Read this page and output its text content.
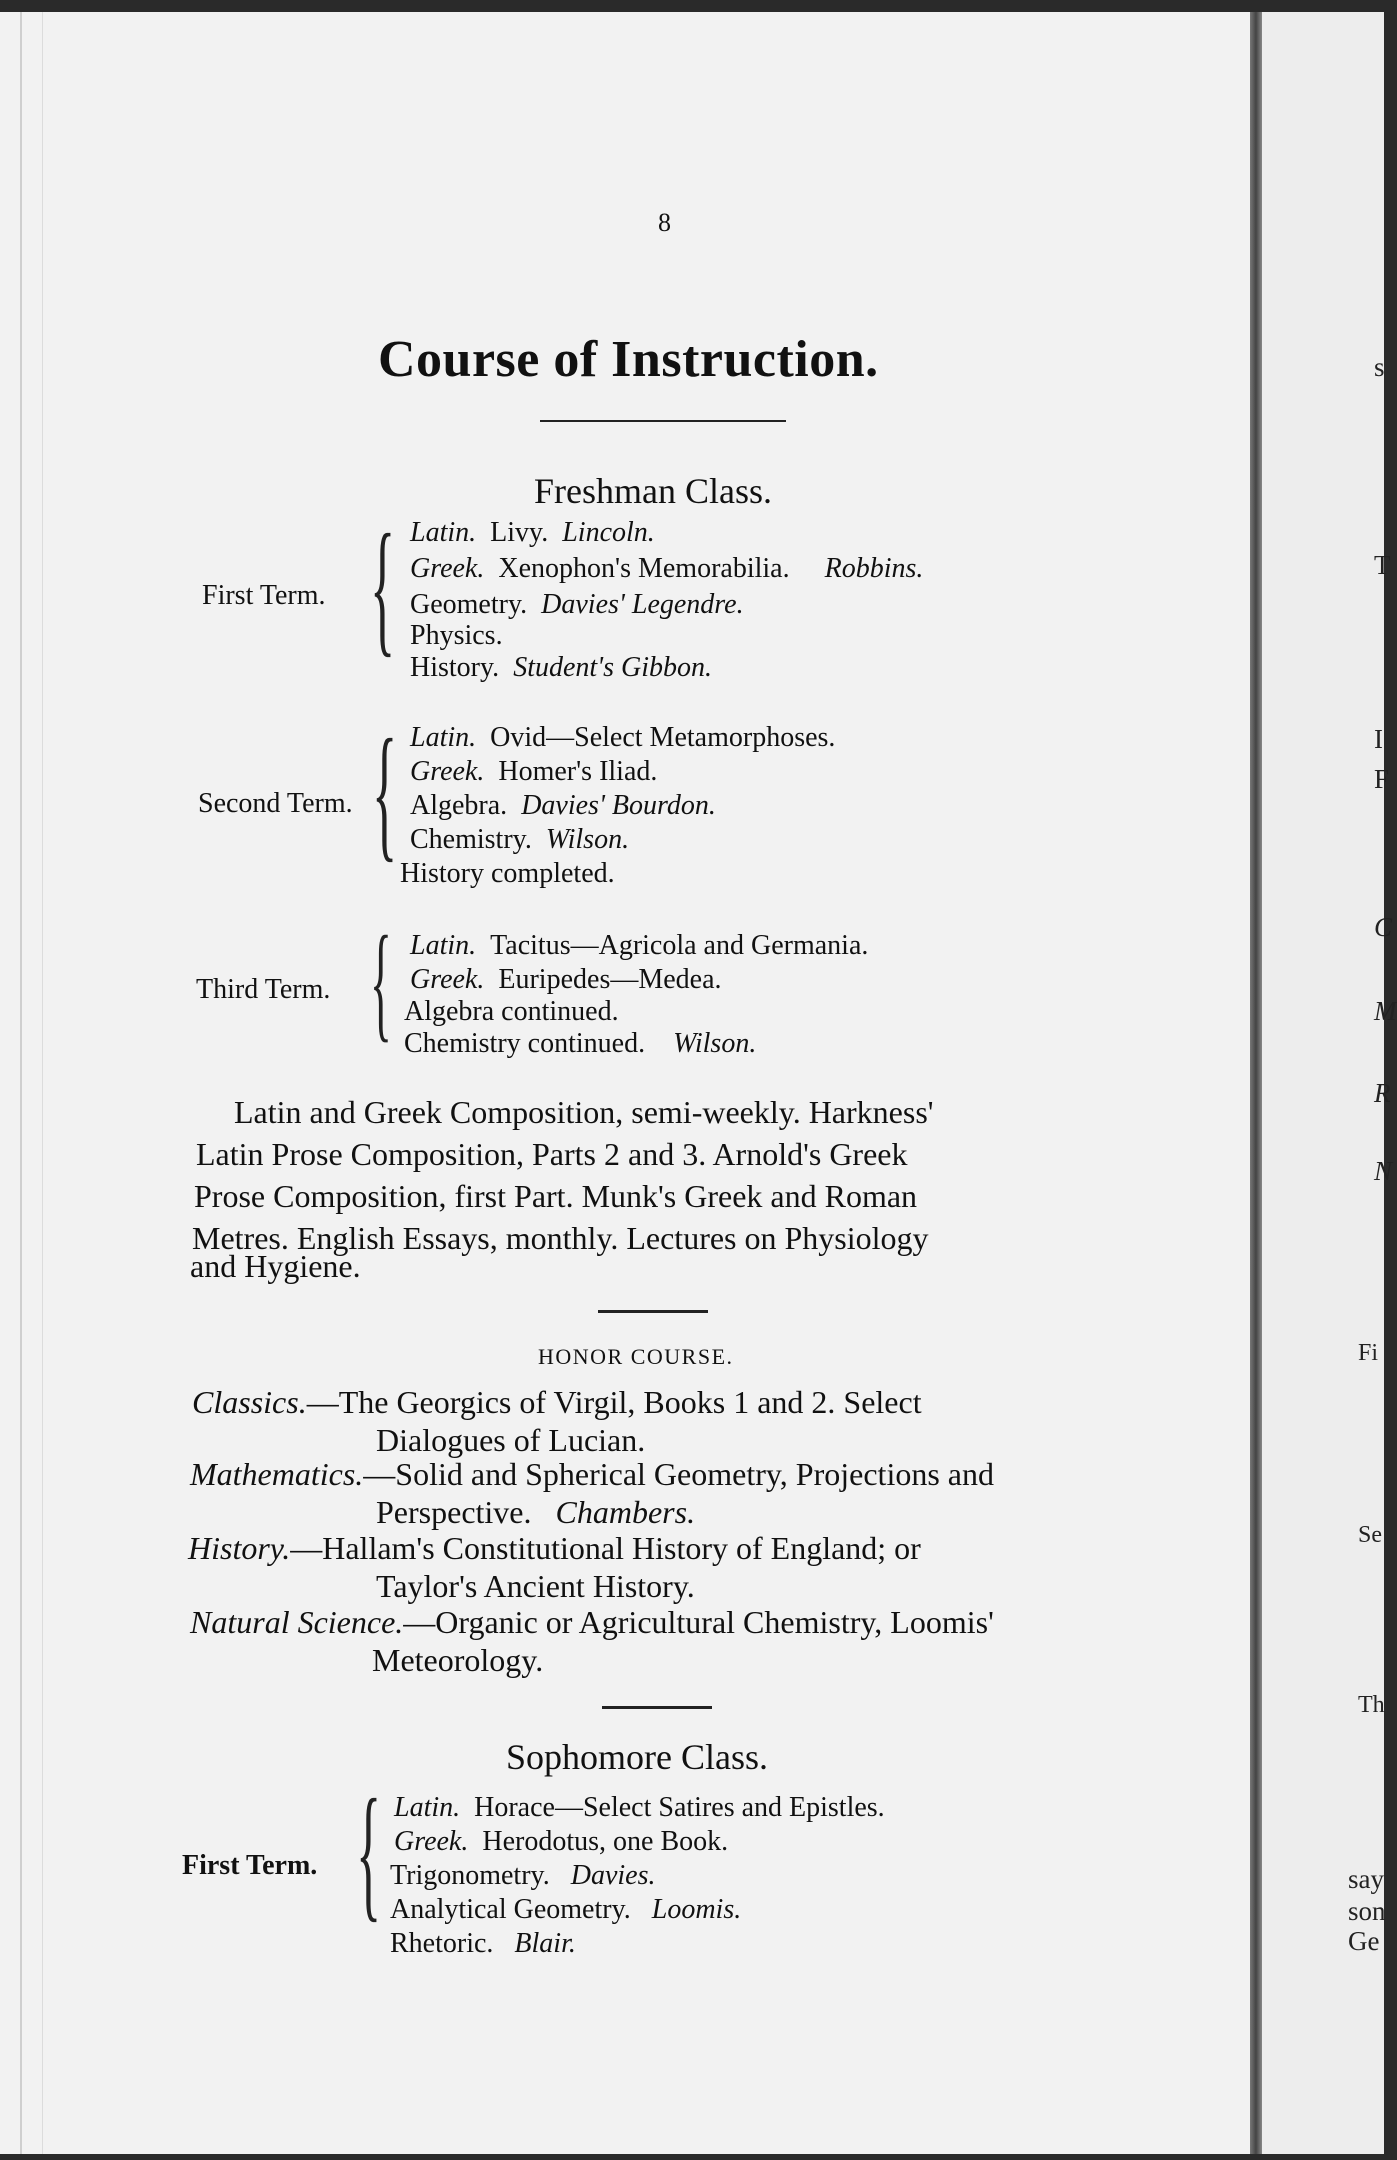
8
Course of Instruction.
Freshman Class.
First Term. { Latin. Livy. Lincoln.
Greek. Xenophon's Memorabilia. Robbins.
Geometry. Davies' Legendre.
Physics.
History. Student's Gibbon.
Second Term. { Latin. Ovid—Select Metamorphoses.
Greek. Homer's Iliad.
Algebra. Davies' Bourdon.
Chemistry. Wilson.
History completed.
Third Term. { Latin. Tacitus—Agricola and Germania.
Greek. Euripedes—Medea.
Algebra continued.
Chemistry continued. Wilson.
Latin and Greek Composition, semi-weekly. Harkness'
Latin Prose Composition, Parts 2 and 3. Arnold's Greek
Prose Composition, first Part. Munk's Greek and Roman
Metres. English Essays, monthly. Lectures on Physiology
and Hygiene.
HONOR COURSE.
Classics.—The Georgics of Virgil, Books 1 and 2. Select
Dialogues of Lucian.
Mathematics.—Solid and Spherical Geometry, Projections and
Perspective. Chambers.
History.—Hallam's Constitutional History of England; or
Taylor's Ancient History.
Natural Science.—Organic or Agricultural Chemistry, Loomis'
Meteorology.
Sophomore Class.
First Term. { Latin. Horace—Select Satires and Epistles.
Greek. Herodotus, one Book.
Trigonometry. Davies.
Analytical Geometry. Loomis.
Rhetoric. Blair.
s
T
I
F
C
M
R
N
Fi
Se
Th
say
son
Ge
